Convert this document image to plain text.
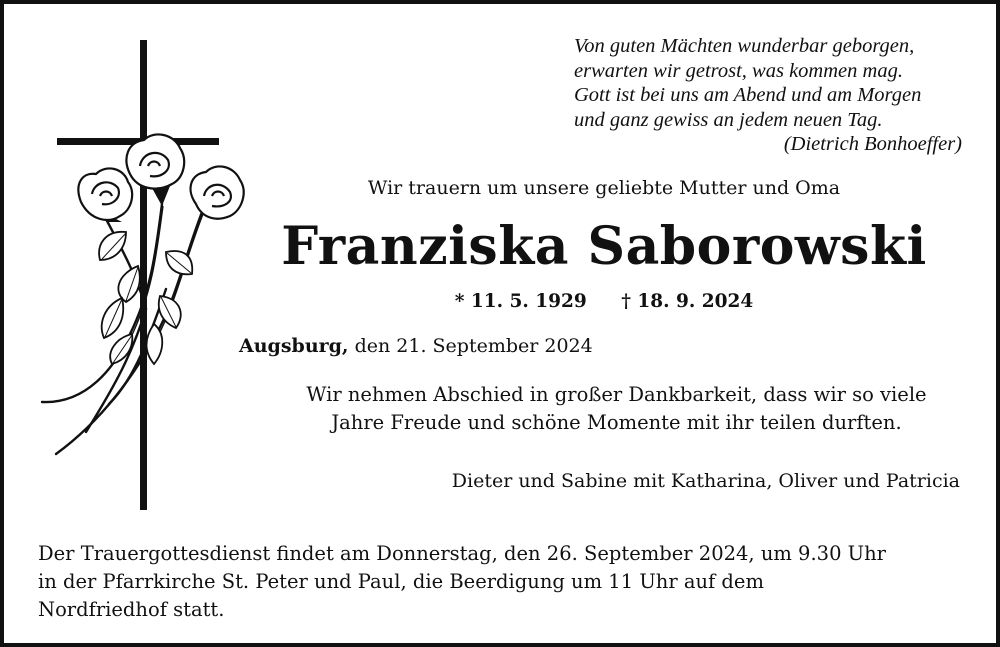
Von guten Mächten wunderbar geborgen,
erwarten wir getrost, was kommen mag.
Gott ist bei uns am Abend und am Morgen
und ganz gewiss an jedem neuen Tag.
(Dietrich Bonhoeffer)
Wir trauern um unsere geliebte Mutter und Oma
Franziska Saborowski
* 11. 5. 1929 † 18. 9. 2024
Augsburg, den 21. September 2024
Wir nehmen Abschied in großer Dankbarkeit, dass wir so viele
Jahre Freude und schöne Momente mit ihr teilen durften.
Dieter und Sabine mit Katharina, Oliver und Patricia
Der Trauergottesdienst findet am Donnerstag, den 26. September 2024, um 9.30 Uhr
in der Pfarrkirche St. Peter und Paul, die Beerdigung um 11 Uhr auf dem
Nordfriedhof statt.
